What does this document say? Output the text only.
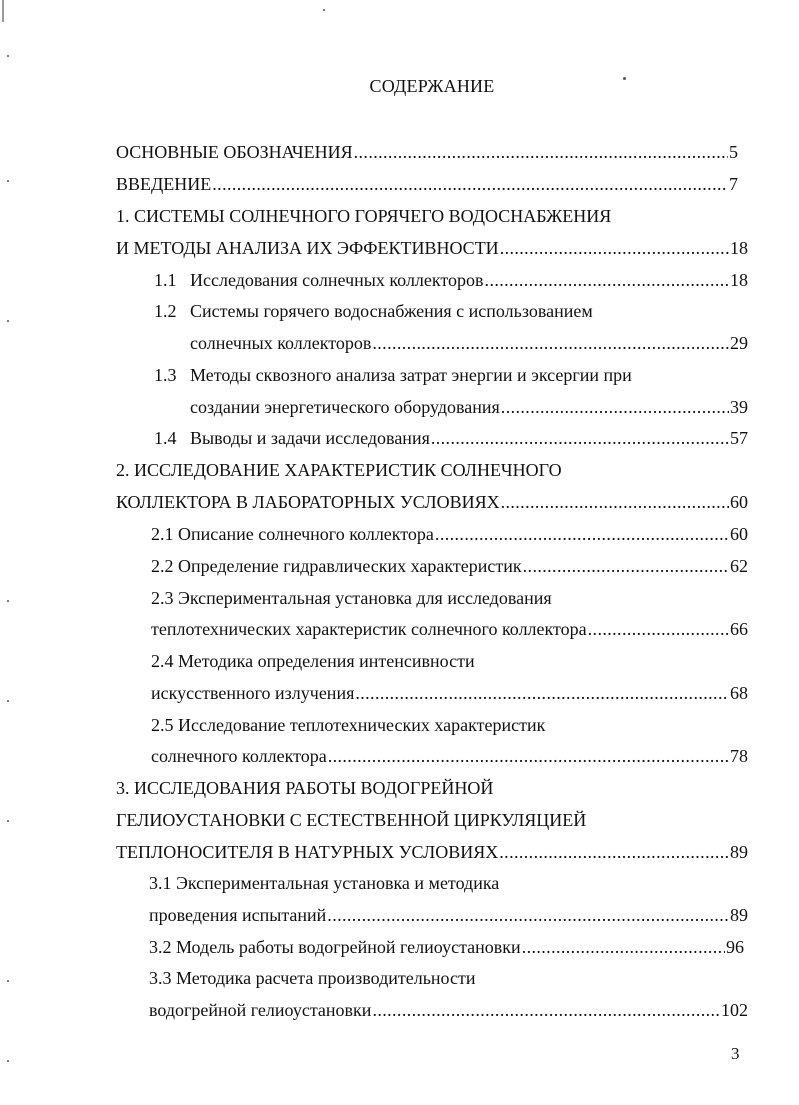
СОДЕРЖАНИЕ
ОСНОВНЫЕ ОБОЗНАЧЕНИЯ .....	5
ВВЕДЕНИЕ .....	7
1. СИСТЕМЫ СОЛНЕЧНОГО ГОРЯЧЕГО ВОДОСНАБЖЕНИЯ
И МЕТОДЫ АНАЛИЗА ИХ ЭФФЕКТИВНОСТИ .....	18
1.1 Исследования солнечных коллекторов .....	18
1.2 Системы горячего водоснабжения с использованием
солнечных коллекторов .....	29
1.3 Методы сквозного анализа затрат энергии и эксергии при
создании энергетического оборудования .....	39
1.4 Выводы и задачи исследования .....	57
2. ИССЛЕДОВАНИЕ ХАРАКТЕРИСТИК СОЛНЕЧНОГО
КОЛЛЕКТОРА В ЛАБОРАТОРНЫХ УСЛОВИЯХ .....	60
2.1 Описание солнечного коллектора .....	60
2.2 Определение гидравлических характеристик .....	62
2.3 Экспериментальная установка для исследования
теплотехнических характеристик солнечного коллектора .....	66
2.4 Методика определения интенсивности
искусственного излучения .....	68
2.5 Исследование теплотехнических характеристик
солнечного коллектора .....	78
3. ИССЛЕДОВАНИЯ РАБОТЫ ВОДОГРЕЙНОЙ
ГЕЛИОУСТАНОВКИ С ЕСТЕСТВЕННОЙ ЦИРКУЛЯЦИЕЙ
ТЕПЛОНОСИТЕЛЯ В НАТУРНЫХ УСЛОВИЯХ .....	89
3.1 Экспериментальная установка и методика
проведения испытаний .....	89
3.2 Модель работы водогрейной гелиоустановки .....	96
3.3 Методика расчета производительности
водогрейной гелиоустановки .....	102
3
